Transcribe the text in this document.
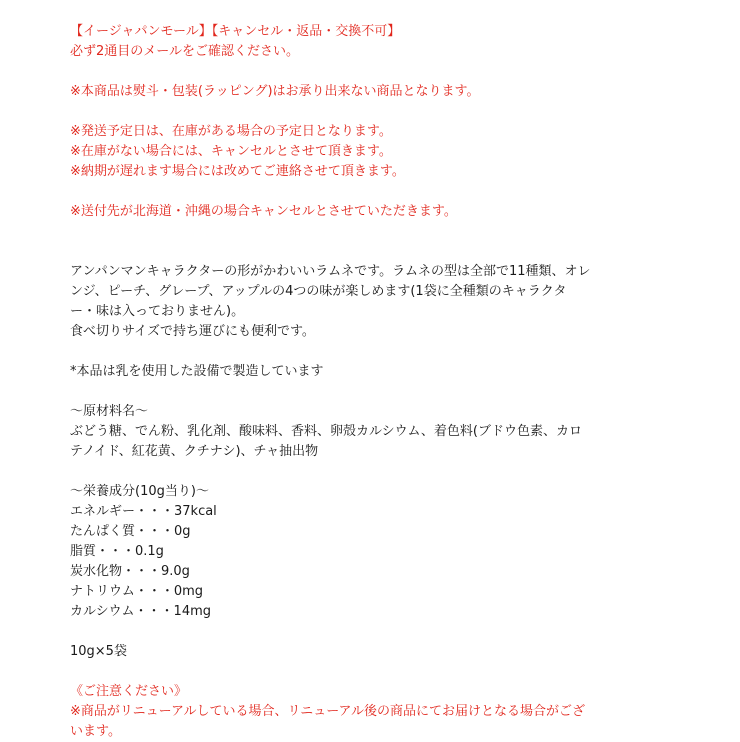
【イージャパンモール】【キャンセル・返品・交換不可】
必ず2通目のメールをご確認ください。
※本商品は熨斗・包装(ラッピング)はお承り出来ない商品となります。
※発送予定日は、在庫がある場合の予定日となります。
※在庫がない場合には、キャンセルとさせて頂きます。
※納期が遅れます場合には改めてご連絡させて頂きます。
※送付先が北海道・沖縄の場合キャンセルとさせていただきます。
アンパンマンキャラクターの形がかわいいラムネです。ラムネの型は全部で11種類、オレ
ンジ、ピーチ、グレープ、アップルの4つの味が楽しめます(1袋に全種類のキャラクタ
ー・味は入っておりません)。
食べ切りサイズで持ち運びにも便利です。
*本品は乳を使用した設備で製造しています
〜原材料名〜
ぶどう糖、でん粉、乳化剤、酸味料、香料、卵殻カルシウム、着色料(ブドウ色素、カロ
テノイド、紅花黄、クチナシ)、チャ抽出物
〜栄養成分(10g当り)〜
エネルギー・・・37kcal
たんぱく質・・・0g
脂質・・・0.1g
炭水化物・・・9.0g
ナトリウム・・・0mg
カルシウム・・・14mg
10g×5袋
《ご注意ください》
※商品がリニューアルしている場合、リニューアル後の商品にてお届けとなる場合がござ
います。
